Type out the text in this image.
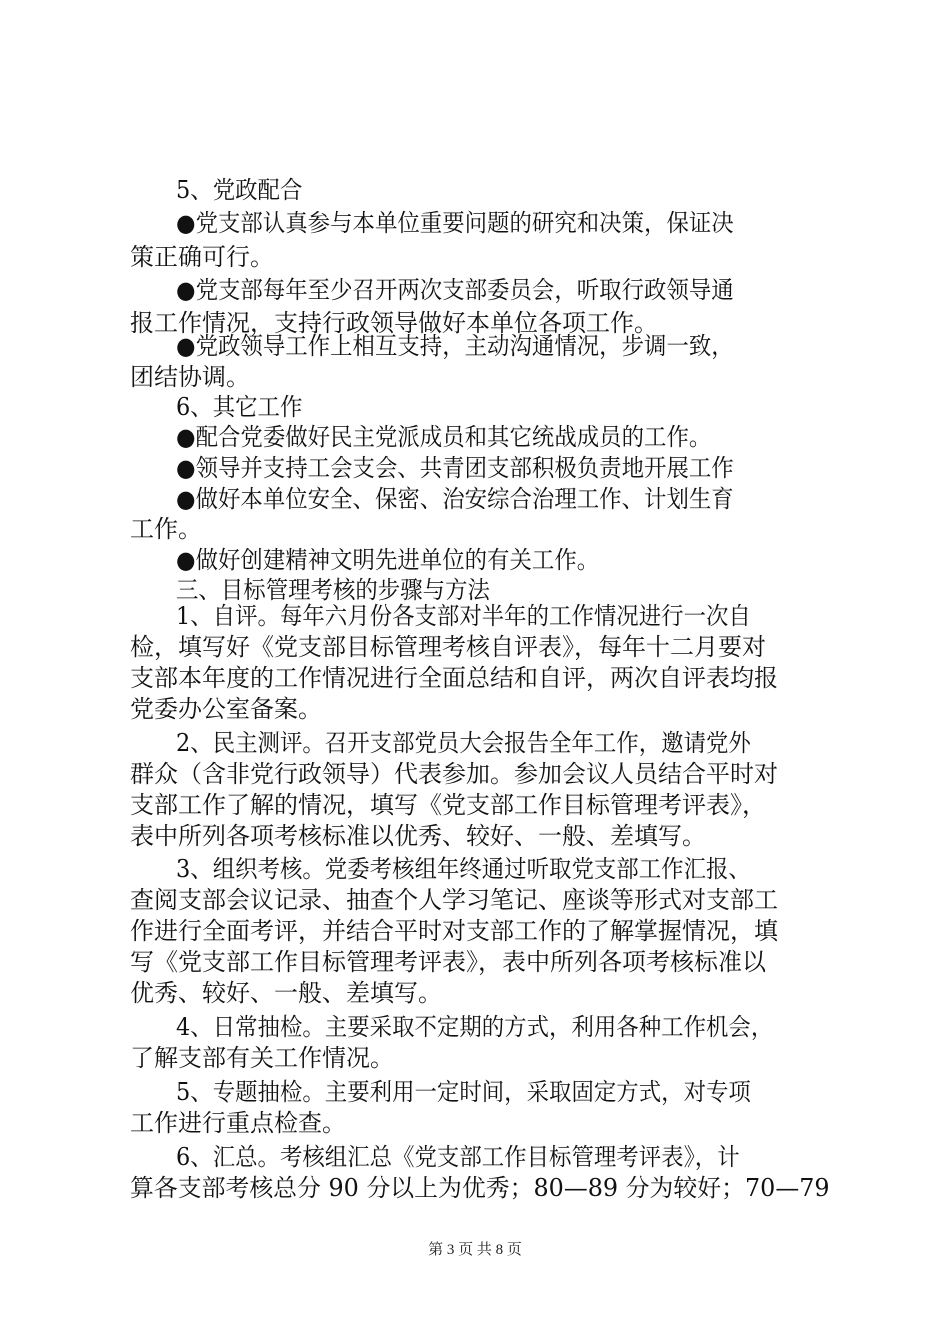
5、党政配合
●党支部认真参与本单位重要问题的研究和决策，保证决
策正确可行。
●党支部每年至少召开两次支部委员会，听取行政领导通
报工作情况，支持行政领导做好本单位各项工作。
●党政领导工作上相互支持，主动沟通情况，步调一致，
团结协调。
6、其它工作
●配合党委做好民主党派成员和其它统战成员的工作。
●领导并支持工会支会、共青团支部积极负责地开展工作
●做好本单位安全、保密、治安综合治理工作、计划生育
工作。
●做好创建精神文明先进单位的有关工作。
三、目标管理考核的步骤与方法
1、自评。每年六月份各支部对半年的工作情况进行一次自
检，填写好《党支部目标管理考核自评表》，每年十二月要对
支部本年度的工作情况进行全面总结和自评，两次自评表均报
党委办公室备案。
2、民主测评。召开支部党员大会报告全年工作，邀请党外
群众（含非党行政领导）代表参加。参加会议人员结合平时对
支部工作了解的情况，填写《党支部工作目标管理考评表》，
表中所列各项考核标准以优秀、较好、一般、差填写。
3、组织考核。党委考核组年终通过听取党支部工作汇报、
查阅支部会议记录、抽查个人学习笔记、座谈等形式对支部工
作进行全面考评，并结合平时对支部工作的了解掌握情况，填
写《党支部工作目标管理考评表》，表中所列各项考核标准以
优秀、较好、一般、差填写。
4、日常抽检。主要采取不定期的方式，利用各种工作机会，
了解支部有关工作情况。
5、专题抽检。主要利用一定时间，采取固定方式，对专项
工作进行重点检查。
6、汇总。考核组汇总《党支部工作目标管理考评表》，计
算各支部考核总分 90 分以上为优秀；80—89 分为较好；70—79
第 3 页 共 8 页
